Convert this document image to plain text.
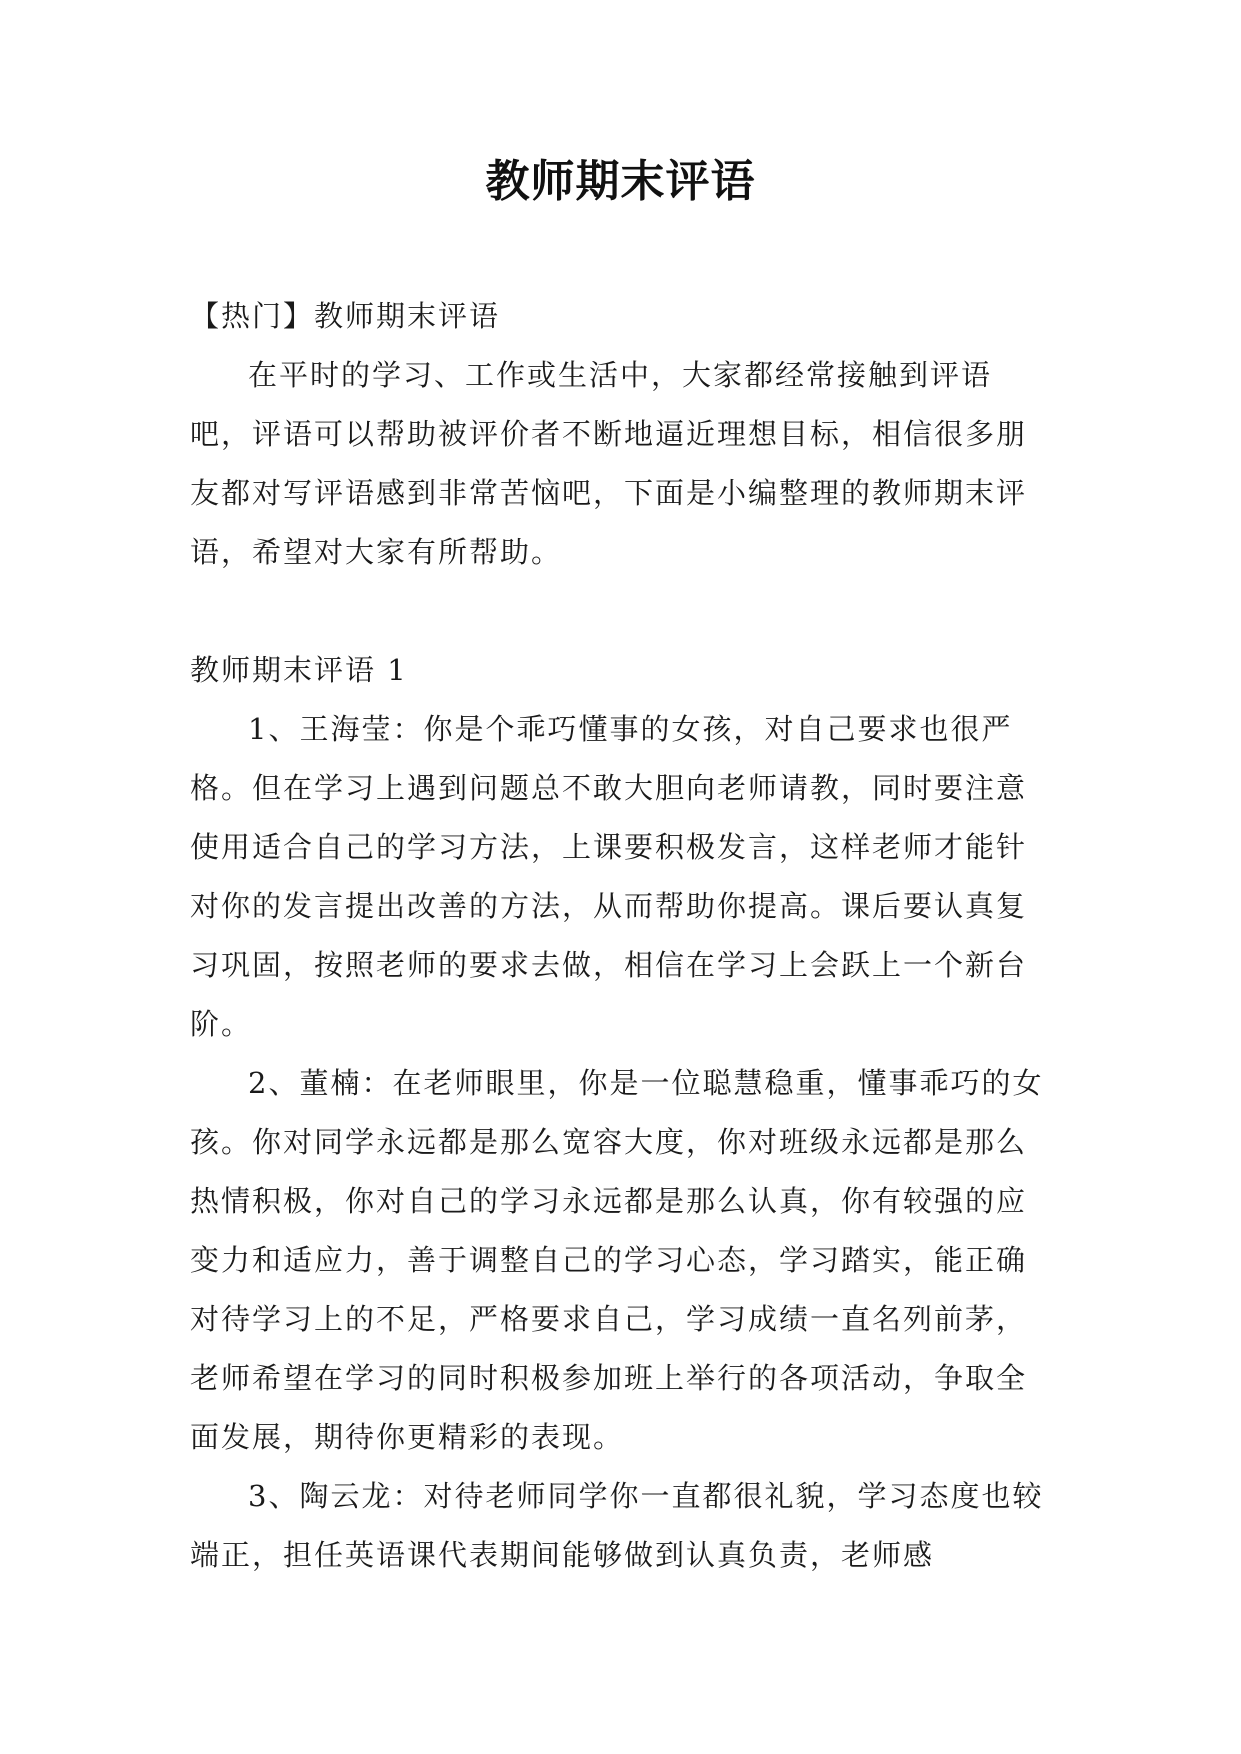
教师期末评语

【热门】教师期末评语

在平时的学习、工作或生活中，大家都经常接触到评语吧，评语可以帮助被评价者不断地逼近理想目标，相信很多朋友都对写评语感到非常苦恼吧，下面是小编整理的教师期末评语，希望对大家有所帮助。

教师期末评语 1

1、王海莹：你是个乖巧懂事的女孩，对自己要求也很严格。但在学习上遇到问题总不敢大胆向老师请教，同时要注意使用适合自己的学习方法，上课要积极发言，这样老师才能针对你的发言提出改善的方法，从而帮助你提高。课后要认真复习巩固，按照老师的要求去做，相信在学习上会跃上一个新台阶。

2、董楠：在老师眼里，你是一位聪慧稳重，懂事乖巧的女孩。你对同学永远都是那么宽容大度，你对班级永远都是那么热情积极，你对自己的学习永远都是那么认真，你有较强的应变力和适应力，善于调整自己的学习心态，学习踏实，能正确对待学习上的不足，严格要求自己，学习成绩一直名列前茅，老师希望在学习的同时积极参加班上举行的各项活动，争取全面发展，期待你更精彩的表现。

3、陶云龙：对待老师同学你一直都很礼貌，学习态度也较端正，担任英语课代表期间能够做到认真负责，老师感
